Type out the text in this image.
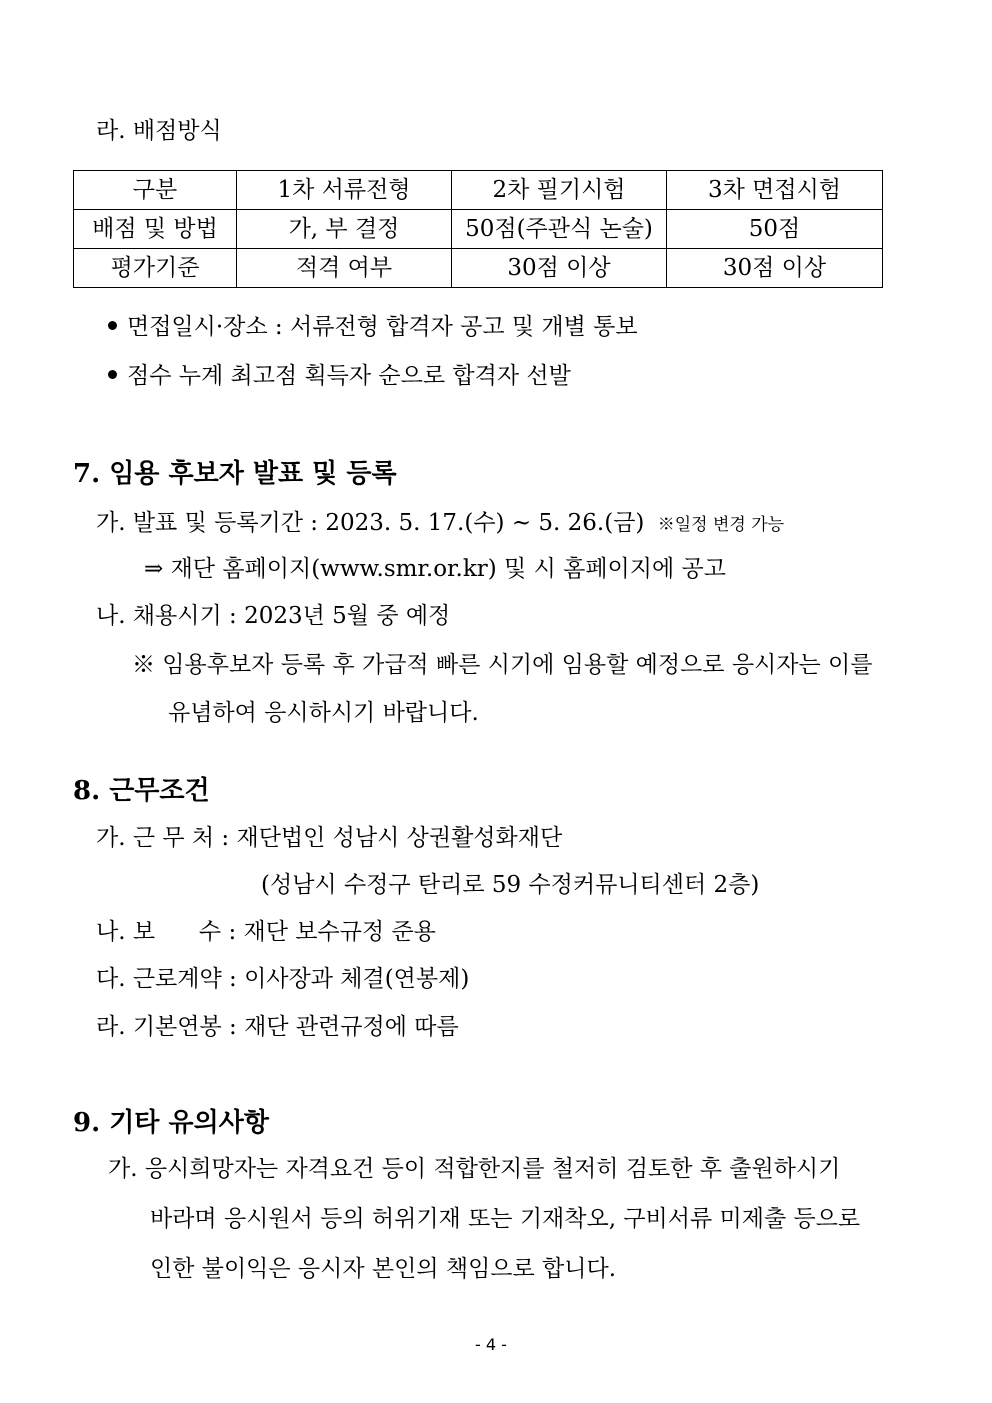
라. 배점방식
구분	1차 서류전형	2차 필기시험	3차 면접시험
배점 및 방법	가, 부 결정	50점(주관식 논술)	50점
평가기준	적격 여부	30점 이상	30점 이상
면접일시·장소 : 서류전형 합격자 공고 및 개별 통보
점수 누계 최고점 획득자 순으로 합격자 선발
7. 임용 후보자 발표 및 등록
가. 발표 및 등록기간 : 2023. 5. 17.(수) ~ 5. 26.(금) ※일정 변경 가능
⇒ 재단 홈페이지(www.smr.or.kr) 및 시 홈페이지에 공고
나. 채용시기 : 2023년 5월 중 예정
※ 임용후보자 등록 후 가급적 빠른 시기에 임용할 예정으로 응시자는 이를
유념하여 응시하시기 바랍니다.
8. 근무조건
가. 근 무 처 : 재단법인 성남시 상권활성화재단
(성남시 수정구 탄리로 59 수정커뮤니티센터 2층)
나. 보      수 : 재단 보수규정 준용
다. 근로계약 : 이사장과 체결(연봉제)
라. 기본연봉 : 재단 관련규정에 따름
9. 기타 유의사항
가. 응시희망자는 자격요건 등이 적합한지를 철저히 검토한 후 출원하시기
바라며 응시원서 등의 허위기재 또는 기재착오, 구비서류 미제출 등으로
인한 불이익은 응시자 본인의 책임으로 합니다.
- 4 -
